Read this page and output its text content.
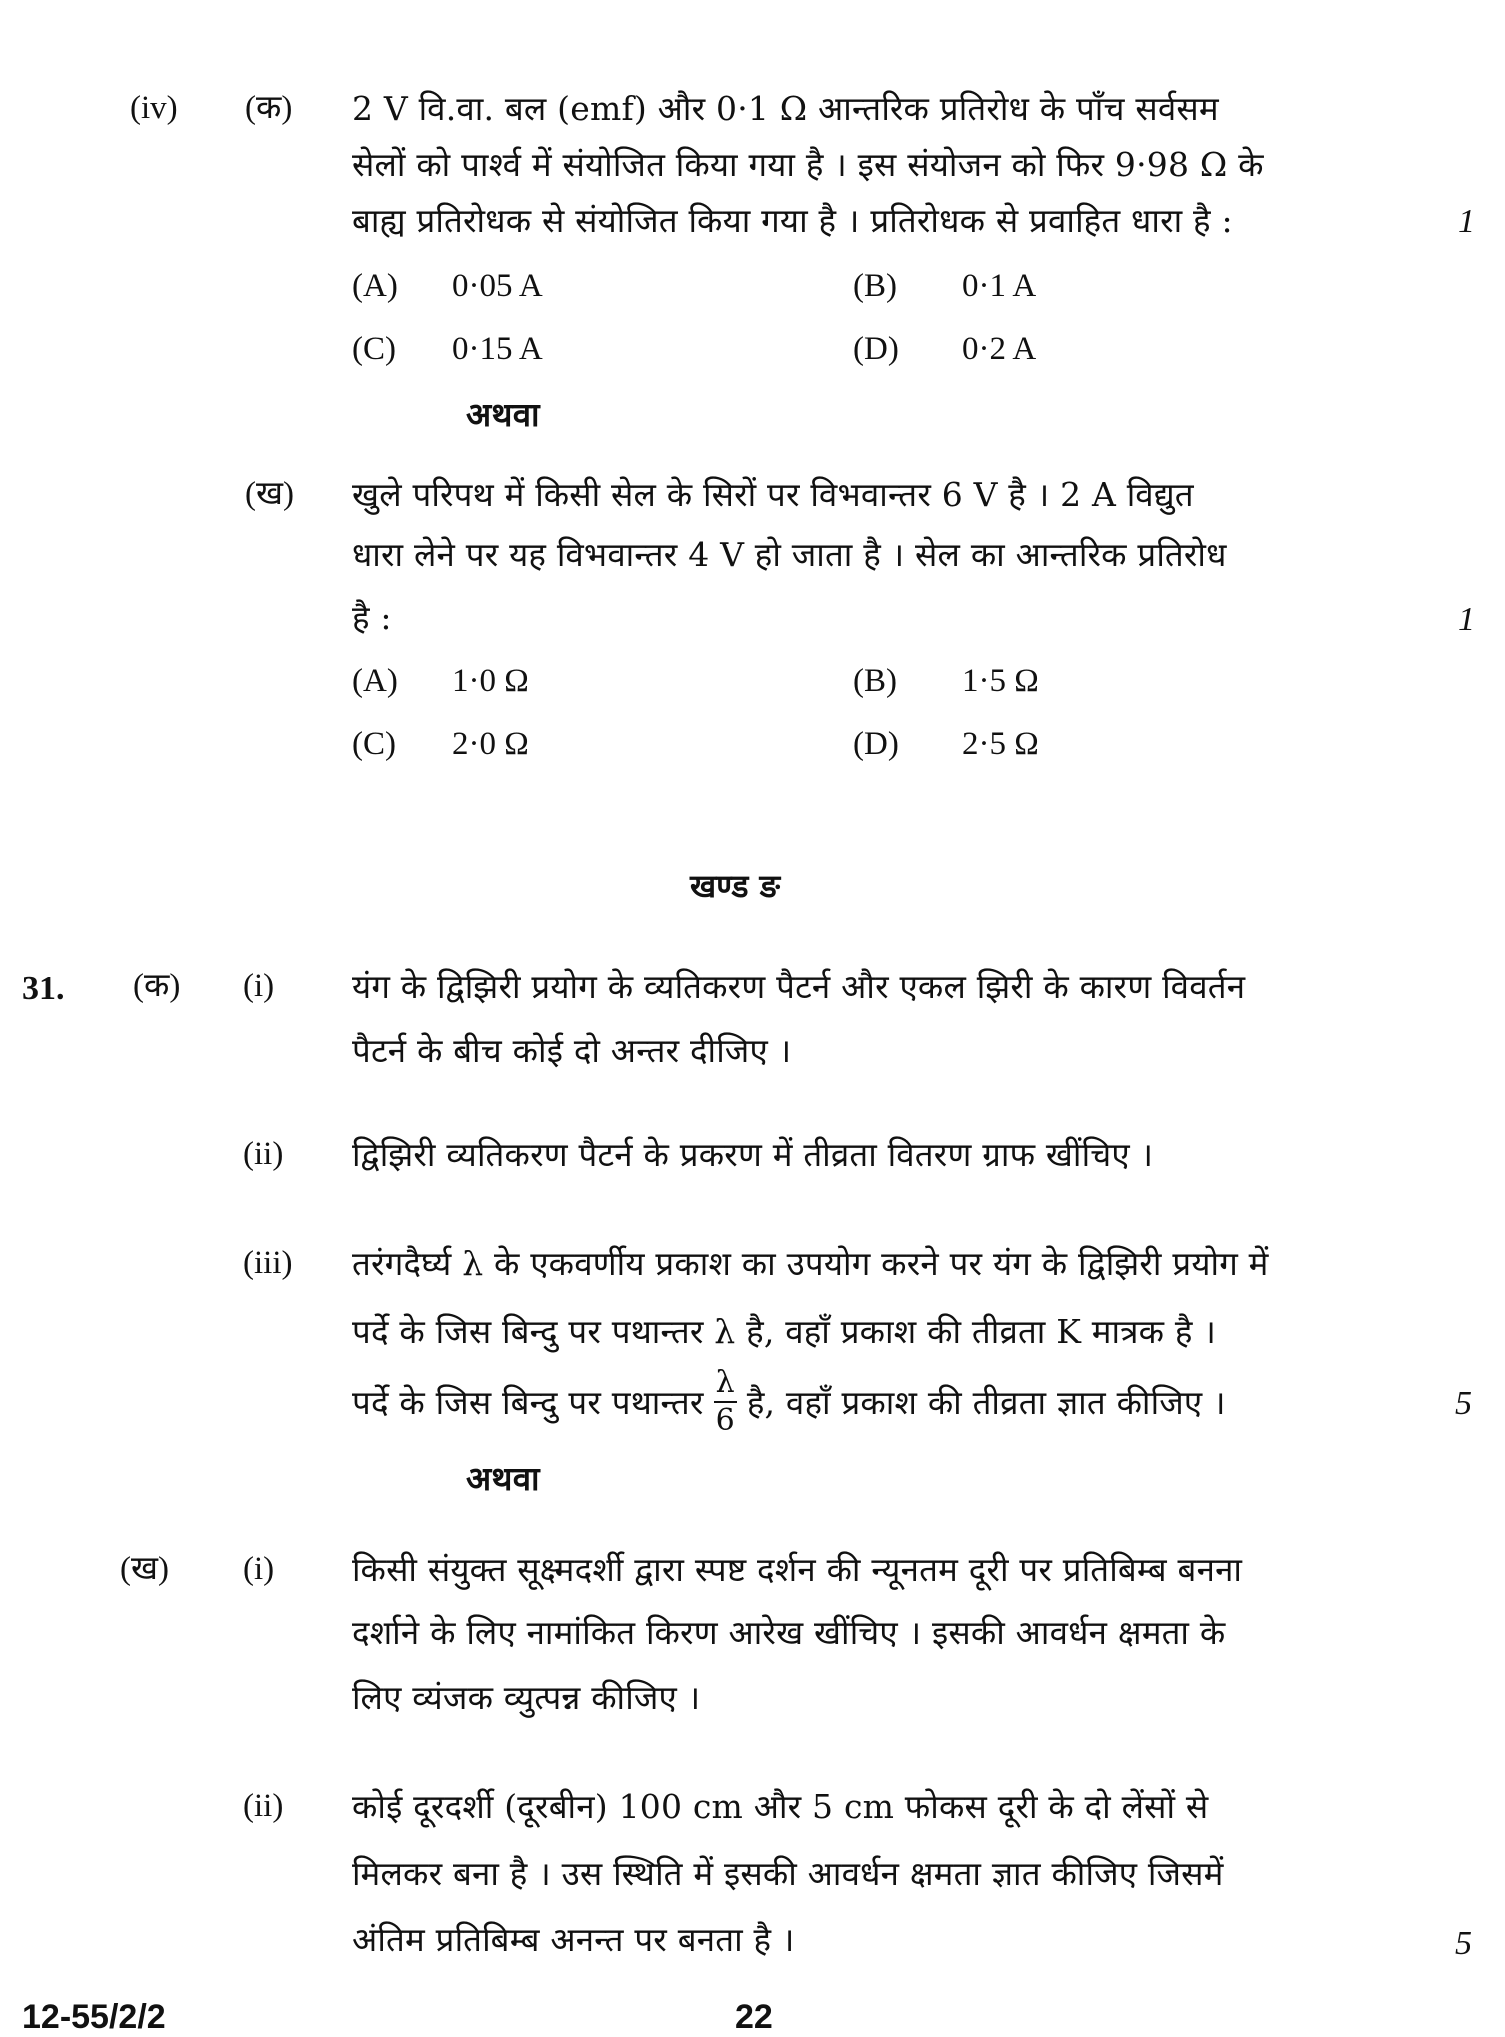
(iv) (क) 2 V वि.वा. बल (emf) और 0·1 Ω आन्तरिक प्रतिरोध के पाँच सर्वसम
सेलों को पार्श्व में संयोजित किया गया है । इस संयोजन को फिर 9·98 Ω के
बाह्य प्रतिरोधक से संयोजित किया गया है । प्रतिरोधक से प्रवाहित धारा है :	1
(A) 0·05 A	(B) 0·1 A
(C) 0·15 A	(D) 0·2 A
अथवा
(ख) खुले परिपथ में किसी सेल के सिरों पर विभवान्तर 6 V है । 2 A विद्युत
धारा लेने पर यह विभवान्तर 4 V हो जाता है । सेल का आन्तरिक प्रतिरोध
है :	1
(A) 1·0 Ω	(B) 1·5 Ω
(C) 2·0 Ω	(D) 2·5 Ω
खण्ड ङ
31. (क) (i) यंग के द्विझिरी प्रयोग के व्यतिकरण पैटर्न और एकल झिरी के कारण विवर्तन
पैटर्न के बीच कोई दो अन्तर दीजिए ।
(ii) द्विझिरी व्यतिकरण पैटर्न के प्रकरण में तीव्रता वितरण ग्राफ खींचिए ।
(iii) तरंगदैर्घ्य λ के एकवर्णीय प्रकाश का उपयोग करने पर यंग के द्विझिरी प्रयोग में
पर्दे के जिस बिन्दु पर पथान्तर λ है, वहाँ प्रकाश की तीव्रता K मात्रक है ।
पर्दे के जिस बिन्दु पर पथान्तर $\frac{\lambda}{6}$ है, वहाँ प्रकाश की तीव्रता ज्ञात कीजिए ।	5
अथवा
(ख) (i) किसी संयुक्त सूक्ष्मदर्शी द्वारा स्पष्ट दर्शन की न्यूनतम दूरी पर प्रतिबिम्ब बनना
दर्शाने के लिए नामांकित किरण आरेख खींचिए । इसकी आवर्धन क्षमता के
लिए व्यंजक व्युत्पन्न कीजिए ।
(ii) कोई दूरदर्शी (दूरबीन) 100 cm और 5 cm फोकस दूरी के दो लेंसों से
मिलकर बना है । उस स्थिति में इसकी आवर्धन क्षमता ज्ञात कीजिए जिसमें
अंतिम प्रतिबिम्ब अनन्त पर बनता है ।	5
12-55/2/2	22
